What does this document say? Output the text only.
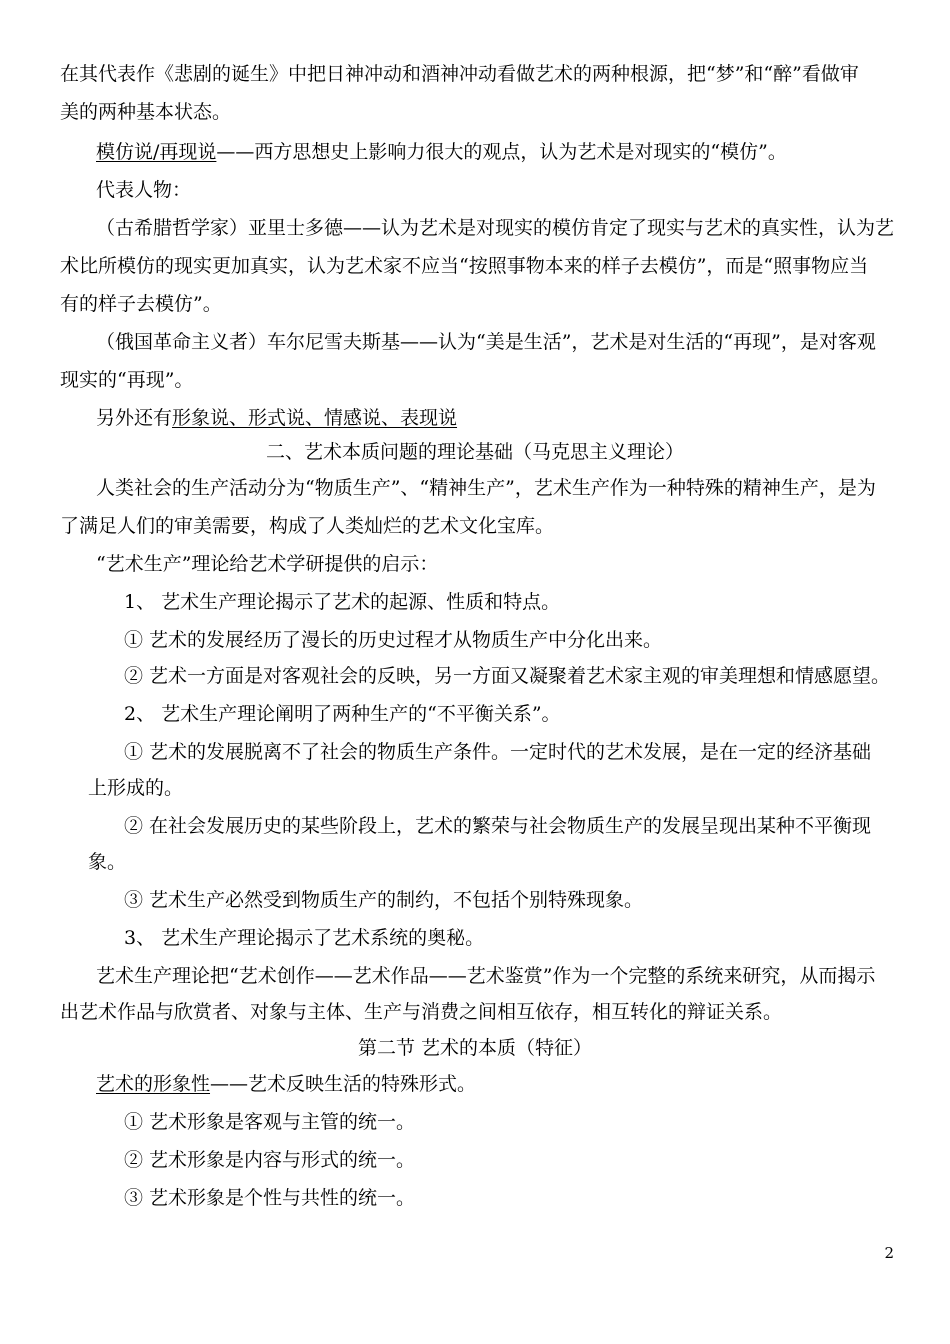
在其代表作《悲剧的诞生》中把日神冲动和酒神冲动看做艺术的两种根源，把“梦”和“醉”看做审
美的两种基本状态。
模仿说/再现说——西方思想史上影响力很大的观点，认为艺术是对现实的“模仿”。
代表人物：
（古希腊哲学家）亚里士多德——认为艺术是对现实的模仿肯定了现实与艺术的真实性，认为艺
术比所模仿的现实更加真实，认为艺术家不应当“按照事物本来的样子去模仿”，而是“照事物应当
有的样子去模仿”。
（俄国革命主义者）车尔尼雪夫斯基——认为“美是生活”，艺术是对生活的“再现”，是对客观
现实的“再现”。
另外还有形象说、形式说、情感说、表现说
二、艺术本质问题的理论基础（马克思主义理论）
人类社会的生产活动分为“物质生产”、“精神生产”，艺术生产作为一种特殊的精神生产，是为
了满足人们的审美需要，构成了人类灿烂的艺术文化宝库。
“艺术生产”理论给艺术学研提供的启示：
1、 艺术生产理论揭示了艺术的起源、性质和特点。
① 艺术的发展经历了漫长的历史过程才从物质生产中分化出来。
② 艺术一方面是对客观社会的反映，另一方面又凝聚着艺术家主观的审美理想和情感愿望。
2、 艺术生产理论阐明了两种生产的“不平衡关系”。
① 艺术的发展脱离不了社会的物质生产条件。一定时代的艺术发展，是在一定的经济基础
上形成的。
② 在社会发展历史的某些阶段上，艺术的繁荣与社会物质生产的发展呈现出某种不平衡现
象。
③ 艺术生产必然受到物质生产的制约，不包括个别特殊现象。
3、 艺术生产理论揭示了艺术系统的奥秘。
艺术生产理论把“艺术创作——艺术作品——艺术鉴赏”作为一个完整的系统来研究，从而揭示
出艺术作品与欣赏者、对象与主体、生产与消费之间相互依存，相互转化的辩证关系。
第二节 艺术的本质（特征）
艺术的形象性——艺术反映生活的特殊形式。
① 艺术形象是客观与主管的统一。
② 艺术形象是内容与形式的统一。
③ 艺术形象是个性与共性的统一。
2
